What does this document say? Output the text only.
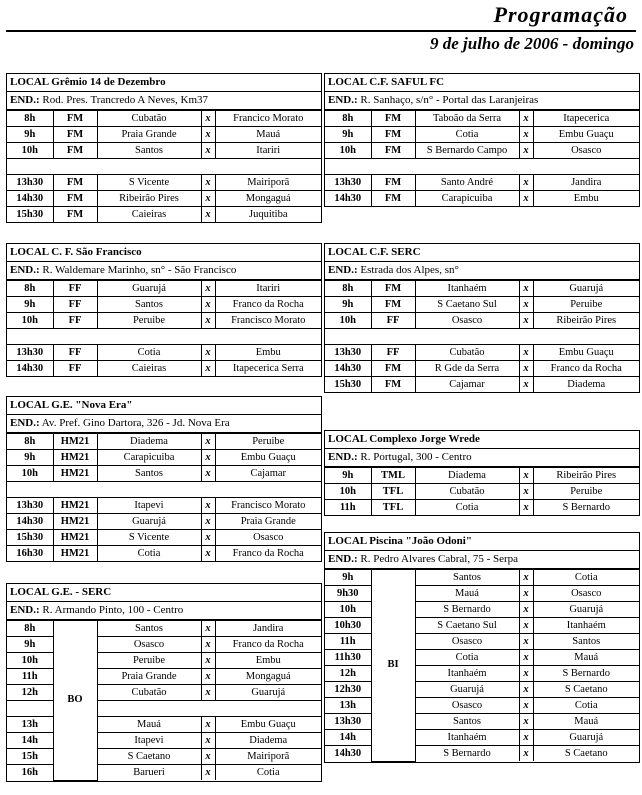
Programação
9 de julho de 2006 - domingo
LOCAL Grêmio 14 de Dezembro
END.: Rod. Pres. Trancredo A Neves, Km37
8h	FM	Cubatão	x	Francico Morato
9h	FM	Praia Grande	x	Mauá
10h	FM	Santos	x	Itariri

13h30	FM	S Vicente	x	Mairiporã
14h30	FM	Ribeirão Pires	x	Mongaguá
15h30	FM	Caieiras	x	Juquitiba
LOCAL C. F. São Francisco
END.: R. Waldemare Marinho, sn° - São Francisco
8h	FF	Guarujá	x	Itariri
9h	FF	Santos	x	Franco da Rocha
10h	FF	Peruibe	x	Francisco Morato

13h30	FF	Cotia	x	Embu
14h30	FF	Caieiras	x	Itapecerica Serra
LOCAL G.E. "Nova Era"
END.: Av. Pref. Gino Dartora, 326 - Jd. Nova Era
8h	HM21	Diadema	x	Peruibe
9h	HM21	Carapicuiba	x	Embu Guaçu
10h	HM21	Santos	x	Cajamar

13h30	HM21	Itapevi	x	Francisco Morato
14h30	HM21	Guarujá	x	Praia Grande
15h30	HM21	S Vicente	x	Osasco
16h30	HM21	Cotia	x	Franco da Rocha
LOCAL G.E. - SERC
END.: R. Armando Pinto, 100 - Centro
8h	BO	Santos	x	Jandira
9h		Osasco	x	Franco da Rocha
10h		Peruibe	x	Embu
11h		Praia Grande	x	Mongaguá
12h		Cubatão	x	Guarujá

13h		Mauá	x	Embu Guaçu
14h		Itapevi	x	Diadema
15h		S Caetano	x	Mairiporã
16h		Barueri	x	Cotia
LOCAL C.F. SAFUL FC
END.: R. Sanhaço, s/n° - Portal das Laranjeiras
8h	FM	Taboão da Serra	x	Itapecerica
9h	FM	Cotia	x	Embu Guaçu
10h	FM	S Bernardo Campo	x	Osasco

13h30	FM	Santo André	x	Jandira
14h30	FM	Carapicuiba	x	Embu
LOCAL C.F. SERC
END.: Estrada dos Alpes, sn°
8h	FM	Itanhaém	x	Guarujá
9h	FM	S Caetano Sul	x	Peruibe
10h	FF	Osasco	x	Ribeirão Pires

13h30	FF	Cubatão	x	Embu Guaçu
14h30	FM	R Gde da Serra	x	Franco da Rocha
15h30	FM	Cajamar	x	Diadema
LOCAL Complexo Jorge Wrede
END.: R. Portugal, 300 - Centro
9h	TML	Diadema	x	Ribeirão Pires
10h	TFL	Cubatão	x	Peruibe
11h	TFL	Cotia	x	S Bernardo
LOCAL Piscina "João Odoni"
END.: R. Pedro Alvares Cabral, 75 - Serpa
9h	BI	Santos	x	Cotia
9h30		Mauá	x	Osasco
10h		S Bernardo	x	Guarujá
10h30		S Caetano Sul	x	Itanhaém
11h		Osasco	x	Santos
11h30		Cotia	x	Mauá
12h		Itanhaém	x	S Bernardo
12h30		Guarujá	x	S Caetano
13h		Osasco	x	Cotia
13h30		Santos	x	Mauá
14h		Itanhaém	x	Guarujá
14h30		S Bernardo	x	S Caetano
